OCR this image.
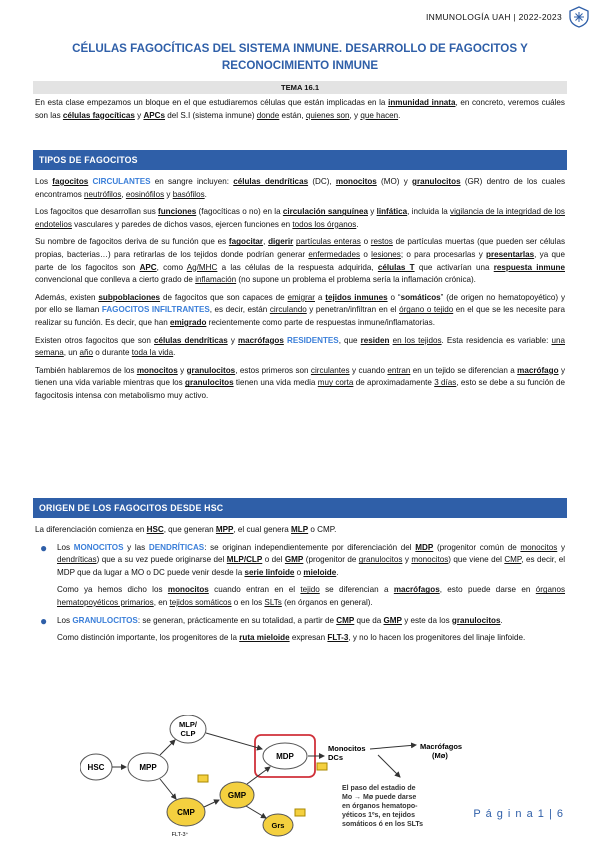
INMUNOLOGÍA UAH | 2022-2023
CÉLULAS FAGOCÍTICAS DEL SISTEMA INMUNE. DESARROLLO DE FAGOCITOS Y
RECONOCIMIENTO INMUNE
TEMA 16.1

En esta clase empezamos un bloque en el que estudiaremos células que están implicadas en la inmunidad innata, en concreto, veremos cuáles son las células fagocíticas y APCs del S.I (sistema inmune) donde están, quienes son, y que hacen.

TIPOS DE FAGOCITOS

Los fagocitos CIRCULANTES en sangre incluyen: células dendríticas (DC), monocitos (MO) y granulocitos (GR) dentro de los cuales encontramos neutrófilos, eosinófilos y basófilos.

Los fagocitos que desarrollan sus funciones (fagocíticas o no) en la circulación sanguínea y linfática, incluida la vigilancia de la integridad de los endotelios vasculares y paredes de dichos vasos, ejercen funciones en todos los órganos.

Su nombre de fagocitos deriva de su función que es fagocitar, digerir partículas enteras o restos de partículas muertas (que pueden ser células propias, bacterias…) para retirarlas de los tejidos donde podrían generar enfermedades o lesiones; o para procesarlas y presentarlas, ya que parte de los fagocitos son APC, como Ag/MHC a las células de la respuesta adquirida, células T que activarían una respuesta inmune convencional que conlleva a cierto grado de inflamación (no supone un problema el problema sería la inflamación crónica).

Además, existen subpoblaciones de fagocitos que son capaces de emigrar a tejidos inmunes o “somáticos” (de origen no hematopoyético) y por ello se llaman FAGOCITOS INFILTRANTES, es decir, están circulando y penetran/infiltran en el órgano o tejido en el que se les necesite para realizar su función. Es decir, que han emigrado recientemente como parte de respuestas inmune/inflamatorias.

Existen otros fagocitos que son células dendríticas y macrófagos RESIDENTES, que residen en los tejidos. Esta residencia es variable: una semana, un año o durante toda la vida.

También hablaremos de los monocitos y granulocitos, estos primeros son circulantes y cuando entran en un tejido se diferencian a macrófago y tienen una vida variable mientras que los granulocitos tienen una vida media muy corta de aproximadamente 3 días, esto se debe a su función de fagocitosis intensa con metabolismo muy activo.

ORIGEN DE LOS FAGOCITOS DESDE HSC

La diferenciación comienza en HSC, que generan MPP, el cual genera MLP o CMP.

● Los MONOCITOS y las DENDRÍTICAS: se originan independientemente por diferenciación del MDP (progenitor común de monocitos y dendríticas) que a su vez puede originarse del MLP/CLP o del GMP (progenitor de granulocitos y monocitos) que viene del CMP, es decir, el MDP que da lugar a MO o DC puede venir desde la serie linfoide o mieloide.
Como ya hemos dicho los monocitos cuando entran en el tejido se diferencian a macrófagos, esto puede darse en órganos hematopoyéticos primarios, en tejidos somáticos o en los SLTs (en órganos en general).
● Los GRANULOCITOS: se generan, prácticamente en su totalidad, a partir de CMP que da GMP y este da los granulocitos.
Como distinción importante, los progenitores de la ruta mieloide expresan FLT-3, y no lo hacen los progenitores del linaje linfoide.
HSC	MPP
MLP/
CLP
MDP
Monocitos
DCs
Macrófagos
(Mø)
CMP
GMP
Grs
FLT-3⁺
El paso del estadio de
Mo → Mø puede darse
en órganos hematopo-
yéticos 1ºs, en tejidos
somáticos ó en los SLTs
P á g i n a 1 | 6
